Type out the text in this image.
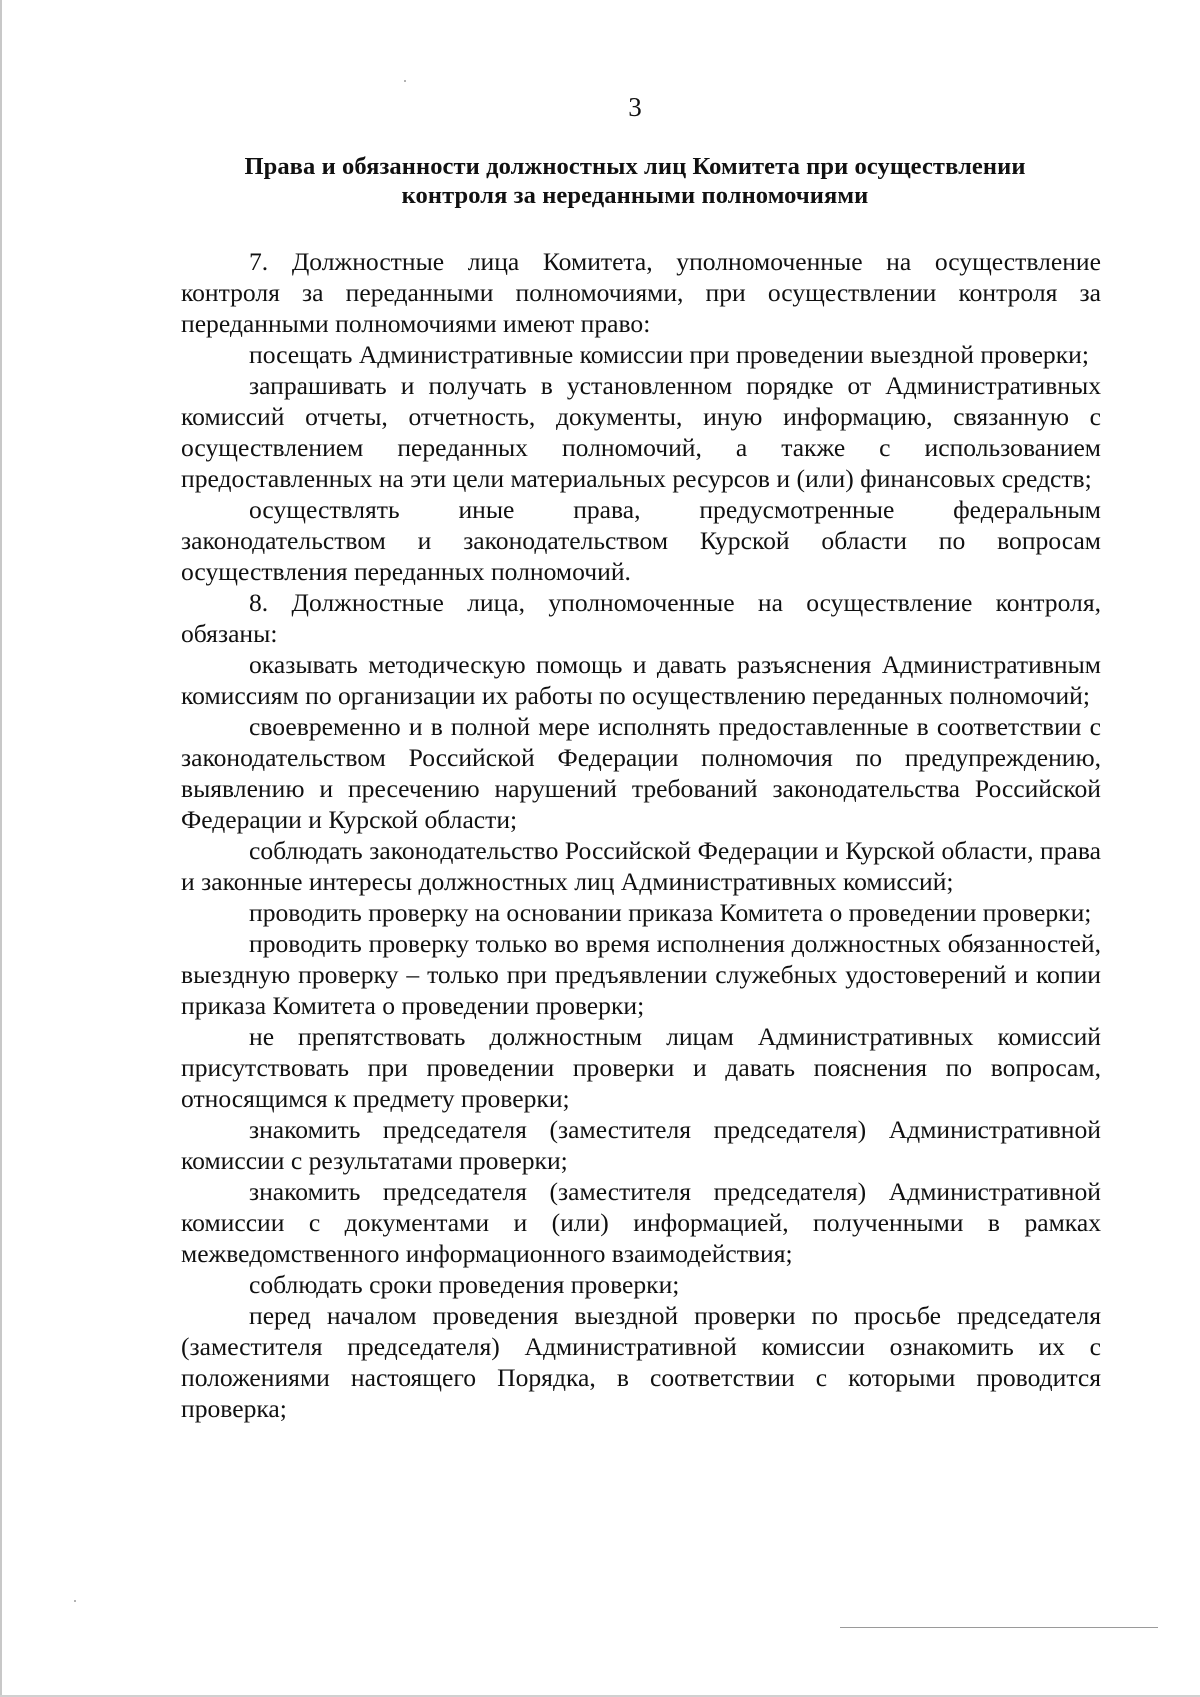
3
Права и обязанности должностных лиц Комитета при осуществлении
контроля за нереданными полномочиями

7. Должностные лица Комитета, уполномоченные на осуществление контроля за переданными полномочиями, при осуществлении контроля за переданными полномочиями имеют право:

посещать Административные комиссии при проведении выездной проверки;

запрашивать и получать в установленном порядке от Административных комиссий отчеты, отчетность, документы, иную информацию, связанную с осуществлением переданных полномочий, а также с использованием предоставленных на эти цели материальных ресурсов и (или) финансовых средств;

осуществлять иные права, предусмотренные федеральным законодательством и законодательством Курской области по вопросам осуществления переданных полномочий.

8. Должностные лица, уполномоченные на осуществление контроля, обязаны:

оказывать методическую помощь и давать разъяснения Административным комиссиям по организации их работы по осуществлению переданных полномочий;

своевременно и в полной мере исполнять предоставленные в соответствии с законодательством Российской Федерации полномочия по предупреждению, выявлению и пресечению нарушений требований законодательства Российской Федерации и Курской области;

соблюдать законодательство Российской Федерации и Курской области, права и законные интересы должностных лиц Административных комиссий;

проводить проверку на основании приказа Комитета о проведении проверки;

проводить проверку только во время исполнения должностных обязанностей, выездную проверку – только при предъявлении служебных удостоверений и копии приказа Комитета о проведении проверки;

не препятствовать должностным лицам Административных комиссий присутствовать при проведении проверки и давать пояснения по вопросам, относящимся к предмету проверки;

знакомить председателя (заместителя председателя) Административной комиссии с результатами проверки;

знакомить председателя (заместителя председателя) Административной комиссии с документами и (или) информацией, полученными в рамках межведомственного информационного взаимодействия;

соблюдать сроки проведения проверки;

перед началом проведения выездной проверки по просьбе председателя (заместителя председателя) Административной комиссии ознакомить их с положениями настоящего Порядка, в соответствии с которыми проводится проверка;
